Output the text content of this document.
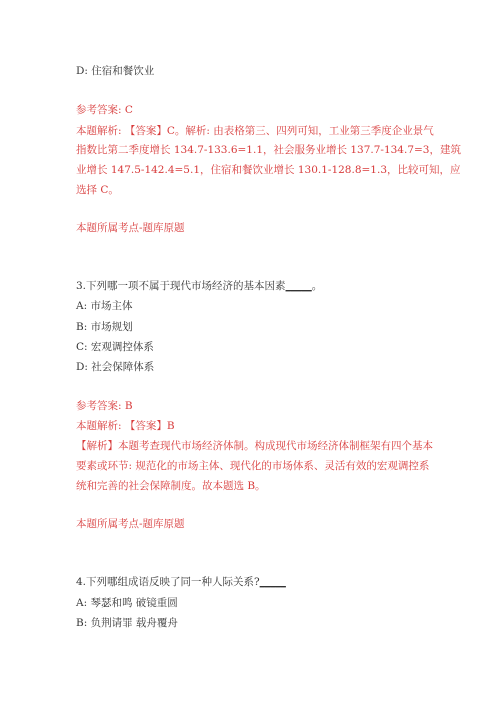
D: 住宿和餐饮业
参考答案: C
本题解析: 【答案】C。解析: 由表格第三、四列可知，工业第三季度企业景气
指数比第二季度增长 134.7-133.6=1.1，社会服务业增长 137.7-134.7=3，建筑
业增长 147.5-142.4=5.1，住宿和餐饮业增长 130.1-128.8=1.3，比较可知，应
选择 C。
本题所属考点-题库原题
3.下列哪一项不属于现代市场经济的基本因素_____。
A: 市场主体
B: 市场规划
C: 宏观调控体系
D: 社会保障体系
参考答案: B
本题解析: 【答案】B
【解析】本题考查现代市场经济体制。构成现代市场经济体制框架有四个基本
要素或环节: 规范化的市场主体、现代化的市场体系、灵活有效的宏观调控系
统和完善的社会保障制度。故本题选 B。
本题所属考点-题库原题
4.下列哪组成语反映了同一种人际关系?_____
A: 琴瑟和鸣 破镜重圆
B: 负荆请罪 载舟覆舟
